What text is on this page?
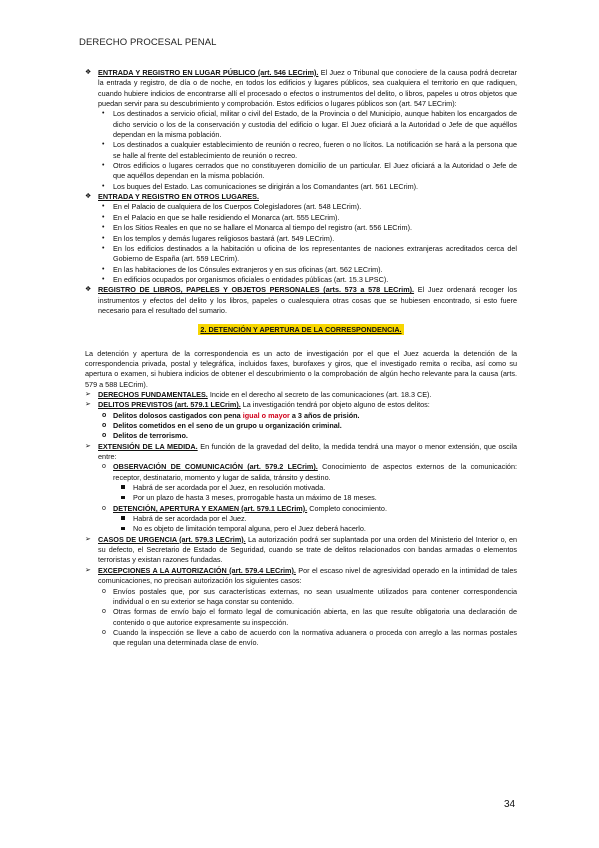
DERECHO PROCESAL PENAL
❖ ENTRADA Y REGISTRO EN LUGAR PÚBLICO (art. 546 LECrim). El Juez o Tribunal que conociere de la causa podrá decretar la entrada y registro, de día o de noche, en todos los edificios y lugares públicos, sea cualquiera el territorio en que radiquen, cuando hubiere indicios de encontrarse allí el procesado o efectos o instrumentos del delito, o libros, papeles u otros objetos que puedan servir para su descubrimiento y comprobación. Estos edificios o lugares públicos son (art. 547 LECrim):
• Los destinados a servicio oficial, militar o civil del Estado, de la Provincia o del Municipio, aunque habiten los encargados de dicho servicio o los de la conservación y custodia del edificio o lugar. El Juez oficiará a la Autoridad o Jefe de que aquéllos dependan en la misma población.
• Los destinados a cualquier establecimiento de reunión o recreo, fueren o no lícitos. La notificación se hará a la persona que se halle al frente del establecimiento de reunión o recreo.
• Otros edificios o lugares cerrados que no constituyeren domicilio de un particular. El Juez oficiará a la Autoridad o Jefe de que aquéllos dependan en la misma población.
• Los buques del Estado. Las comunicaciones se dirigirán a los Comandantes (art. 561 LECrim).
❖ ENTRADA Y REGISTRO EN OTROS LUGARES.
• En el Palacio de cualquiera de los Cuerpos Colegisladores (art. 548 LECrim).
• En el Palacio en que se halle residiendo el Monarca (art. 555 LECrim).
• En los Sitios Reales en que no se hallare el Monarca al tiempo del registro (art. 556 LECrim).
• En los templos y demás lugares religiosos bastará (art. 549 LECrim).
• En los edificios destinados a la habitación u oficina de los representantes de naciones extranjeras acreditados cerca del Gobierno de España (art. 559 LECrim).
• En las habitaciones de los Cónsules extranjeros y en sus oficinas (art. 562 LECrim).
• En edificios ocupados por organismos oficiales o entidades públicas (art. 15.3 LPSC).
❖ REGISTRO DE LIBROS, PAPELES Y OBJETOS PERSONALES (arts. 573 a 578 LECrim). El Juez ordenará recoger los instrumentos y efectos del delito y los libros, papeles o cualesquiera otras cosas que se hubiesen encontrado, si esto fuere necesario para el resultado del sumario.
2. DETENCIÓN Y APERTURA DE LA CORRESPONDENCIA.

La detención y apertura de la correspondencia es un acto de investigación por el que el Juez acuerda la detención de la correspondencia privada, postal y telegráfica, incluidos faxes, burofaxes y giros, que el investigado remita o reciba, así como su apertura o examen, si hubiera indicios de obtener el descubrimiento o la comprobación de algún hecho relevante para la causa (arts. 579 a 588 LECrim).

➢ DERECHOS FUNDAMENTALES. Incide en el derecho al secreto de las comunicaciones (art. 18.3 CE).
➢ DELITOS PREVISTOS (art. 579.1 LECrim). La investigación tendrá por objeto alguno de estos delitos:
o Delitos dolosos castigados con pena igual o mayor a 3 años de prisión.
o Delitos cometidos en el seno de un grupo u organización criminal.
o Delitos de terrorismo.
➢ EXTENSIÓN DE LA MEDIDA. En función de la gravedad del delito, la medida tendrá una mayor o menor extensión, que oscila entre:
o OBSERVACIÓN DE COMUNICACIÓN (art. 579.2 LECrim). Conocimiento de aspectos externos de la comunicación: receptor, destinatario, momento y lugar de salida, tránsito y destino.
Habrá de ser acordada por el Juez, en resolución motivada.
Por un plazo de hasta 3 meses, prorrogable hasta un máximo de 18 meses.
o DETENCIÓN, APERTURA Y EXAMEN (art. 579.1 LECrim). Completo conocimiento.
Habrá de ser acordada por el Juez.
No es objeto de limitación temporal alguna, pero el Juez deberá hacerlo.
➢ CASOS DE URGENCIA (art. 579.3 LECrim). La autorización podrá ser suplantada por una orden del Ministerio del Interior o, en su defecto, el Secretario de Estado de Seguridad, cuando se trate de delitos relacionados con bandas armadas o elementos terroristas y existan razones fundadas.
➢ EXCEPCIONES A LA AUTORIZACIÓN (art. 579.4 LECrim). Por el escaso nivel de agresividad operado en la intimidad de tales comunicaciones, no precisan autorización los siguientes casos:
o Envíos postales que, por sus características externas, no sean usualmente utilizados para contener correspondencia individual o en su exterior se haga constar su contenido.
o Otras formas de envío bajo el formato legal de comunicación abierta, en las que resulte obligatoria una declaración de contenido o que autorice expresamente su inspección.
o Cuando la inspección se lleve a cabo de acuerdo con la normativa aduanera o proceda con arreglo a las normas postales que regulan una determinada clase de envío.
34
